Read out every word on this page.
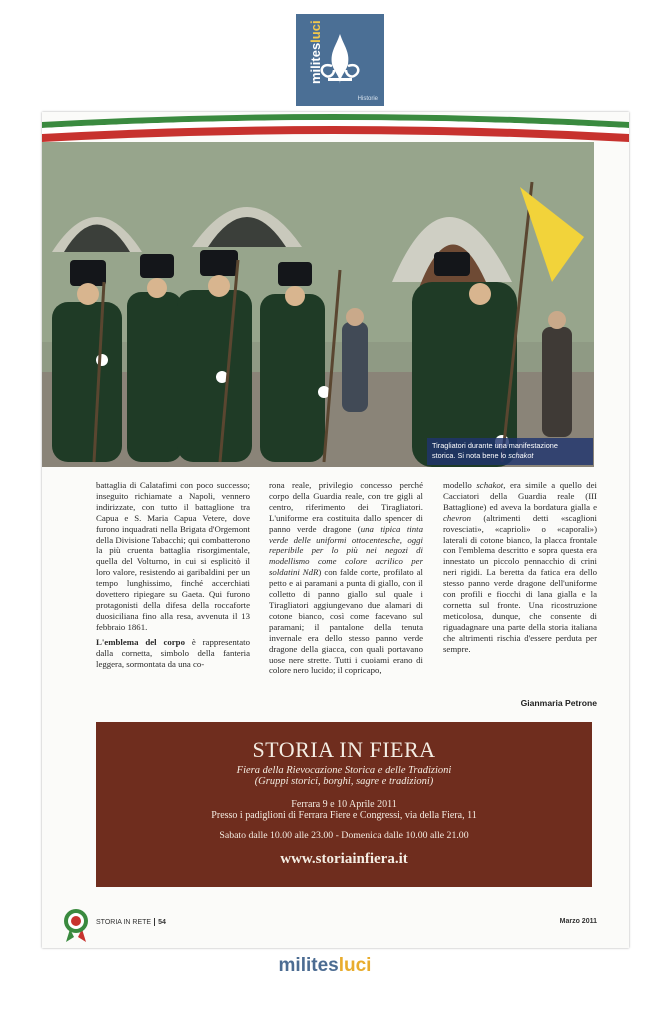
militesluci
Historie
Tiragliatori durante una manifestazione
storica. Si nota bene lo schakot

battaglia di Calatafimi con poco successo; inseguito richiamate a Napoli, vennero indirizzate, con tutto il battaglione tra Capua e S. Maria Capua Vetere, dove furono inquadrati nella Brigata d'Orgemont della Divisione Tabacchi; qui combatterono la più cruenta battaglia risorgimentale, quella del Volturno, in cui si esplicitò il loro valore, resistendo ai garibaldini per un tempo lunghissimo, finché accerchiati dovettero ripiegare su Gaeta. Qui furono protagonisti della difesa della roccaforte duosiciliana fino alla resa, avvenuta il 13 febbraio 1861.

L'emblema del corpo è rappresentato dalla cornetta, simbolo della fanteria leggera, sormontata da una co-

rona reale, privilegio concesso perché corpo della Guardia reale, con tre gigli al centro, riferimento dei Tiragliatori. L'uniforme era costituita dallo spencer di panno verde dragone (una tipica tinta verde delle uniformi ottocentesche, oggi reperibile per lo più nei negozi di modellismo come colore acrilico per soldatini NdR) con falde corte, profilato al petto e ai paramani a punta di giallo, con il colletto di panno giallo sul quale i Tiragliatori aggiungevano due alamari di cotone bianco, così come facevano sul paramani; il pantalone della tenuta invernale era dello stesso panno verde dragone della giacca, con quali portavano uose nere strette. Tutti i cuoiami erano di colore nero lucido; il copricapo,

modello schakot, era simile a quello dei Cacciatori della Guardia reale (III Battaglione) ed aveva la bordatura gialla e chevron (altrimenti detti «scaglioni rovesciati», «caprioli» o «caporali») laterali di cotone bianco, la placca frontale con l'emblema descritto e sopra questa era innestato un piccolo pennacchio di crini neri rigidi. La beretta da fatica era dello stesso panno verde dragone dell'uniforme con profili e fiocchi di lana gialla e la cornetta sul fronte. Una ricostruzione meticolosa, dunque, che consente di riguadagnare una parte della storia italiana che altrimenti rischia d'essere perduta per sempre.

Gianmaria Petrone
STORIA IN FIERA
Fiera della Rievocazione Storica e delle Tradizioni
(Gruppi storici, borghi, sagre e tradizioni)
Ferrara 9 e 10 Aprile 2011
Presso i padiglioni di Ferrara Fiere e Congressi, via della Fiera, 11
Sabato dalle 10.00 alle 23.00 - Domenica dalle 10.00 alle 21.00
www.storiainfiera.it
STORIA IN RETE 54	Marzo 2011
militesluci
